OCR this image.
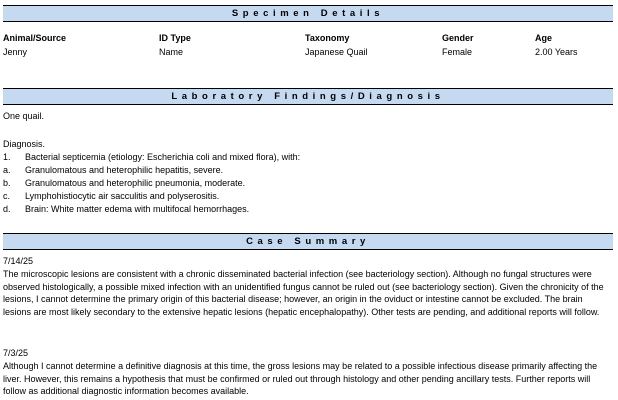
Specimen Details
Animal/Source
Jenny
ID Type
Name
Taxonomy
Japanese Quail
Gender
Female
Age
2.00 Years
Laboratory Findings/Diagnosis
One quail.
Diagnosis.
1. Bacterial septicemia (etiology: Escherichia coli and mixed flora), with:
a. Granulomatous and heterophilic hepatitis, severe.
b. Granulomatous and heterophilic pneumonia, moderate.
c. Lymphohistiocytic air sacculitis and polyserositis.
d. Brain: White matter edema with multifocal hemorrhages.
Case Summary
7/14/25
The microscopic lesions are consistent with a chronic disseminated bacterial infection (see bacteriology section). Although no fungal structures were observed histologically, a possible mixed infection with an unidentified fungus cannot be ruled out (see bacteriology section). Given the chronicity of the lesions, I cannot determine the primary origin of this bacterial disease; however, an origin in the oviduct or intestine cannot be excluded. The brain lesions are most likely secondary to the extensive hepatic lesions (hepatic encephalopathy). Other tests are pending, and additional reports will follow.
7/3/25
Although I cannot determine a definitive diagnosis at this time, the gross lesions may be related to a possible infectious disease primarily affecting the liver. However, this remains a hypothesis that must be confirmed or ruled out through histology and other pending ancillary tests. Further reports will follow as additional diagnostic information becomes available.
